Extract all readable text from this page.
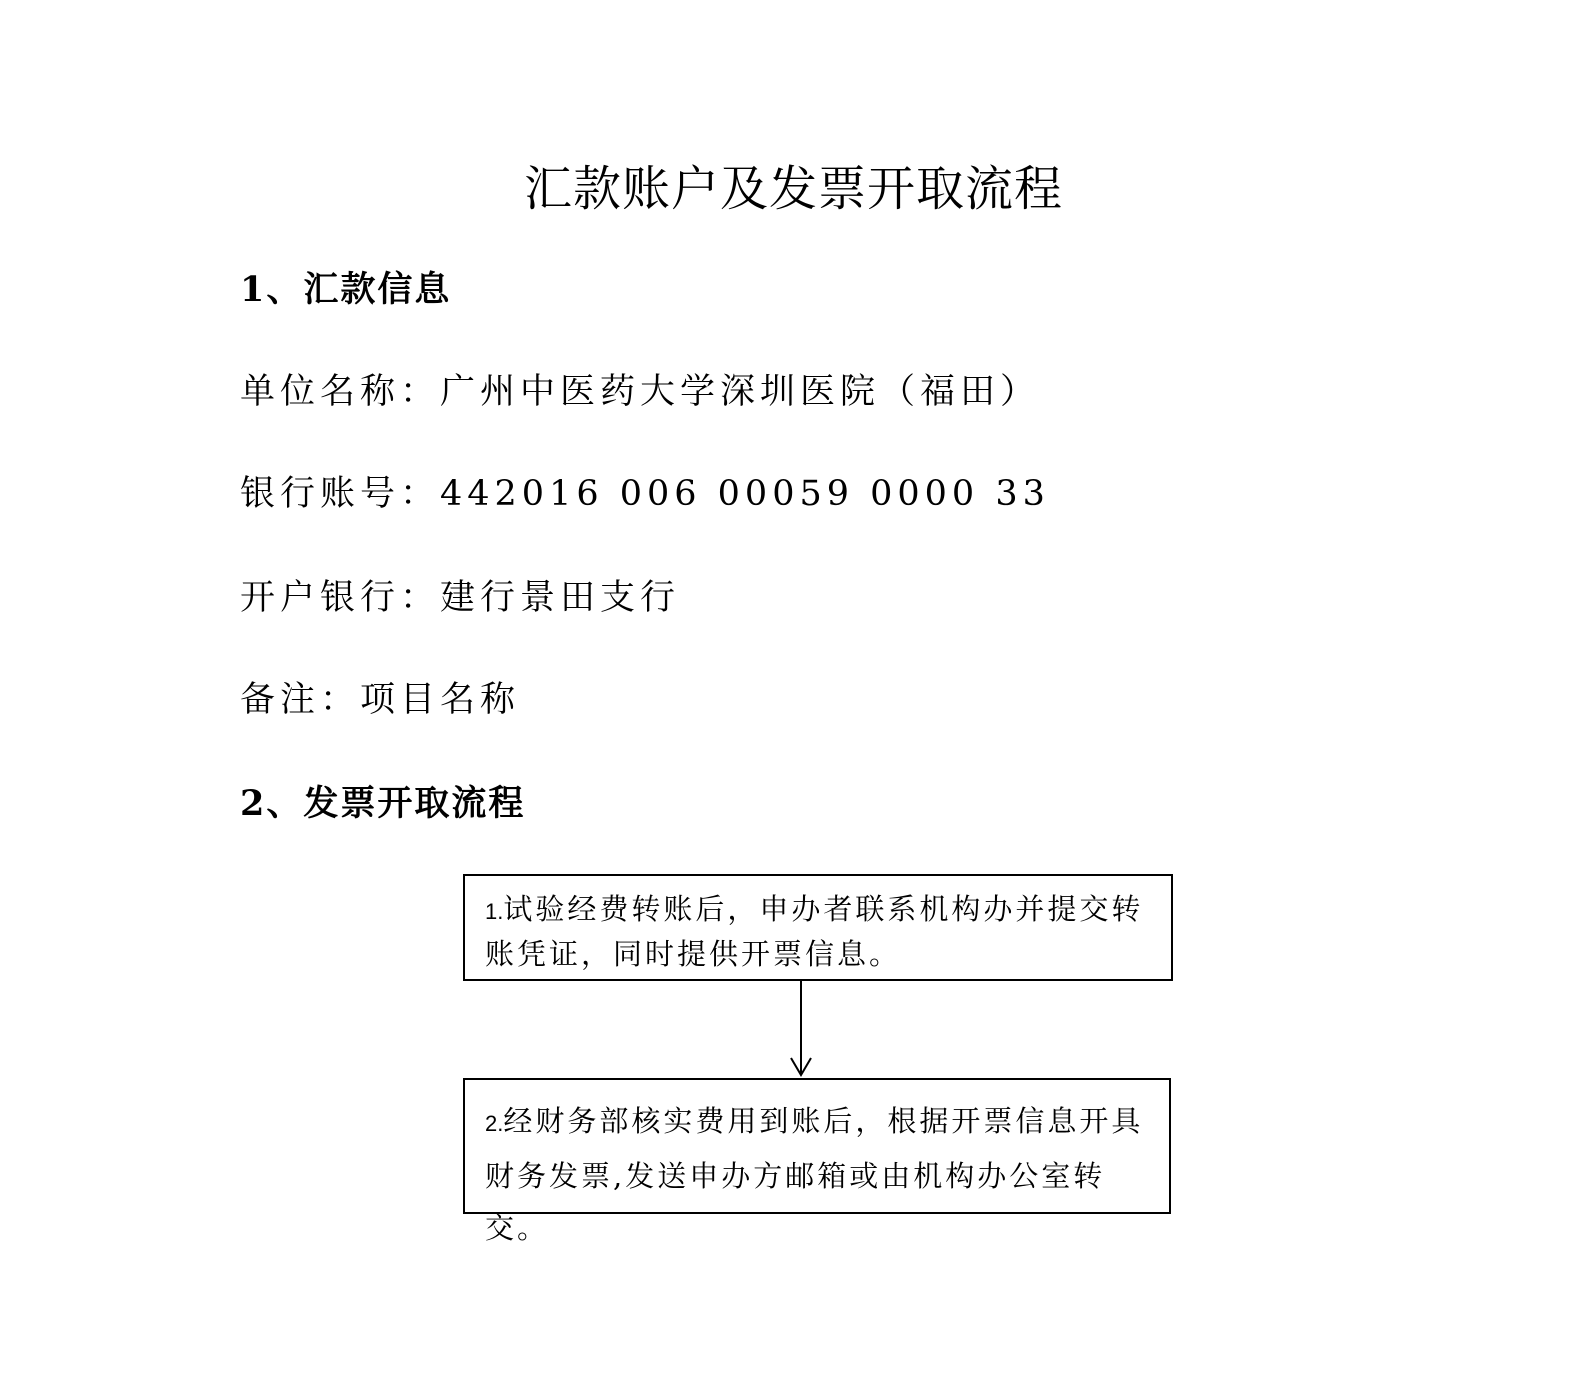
汇款账户及发票开取流程
1、汇款信息

单位名称：广州中医药大学深圳医院（福田）

银行账号：442016 006 00059 0000 33

开户银行：建行景田支行

备注：项目名称

2、发票开取流程
1.试验经费转账后，申办者联系机构办并提交转
账凭证，同时提供开票信息。
2.经财务部核实费用到账后，根据开票信息开具
财务发票,发送申办方邮箱或由机构办公室转交。
